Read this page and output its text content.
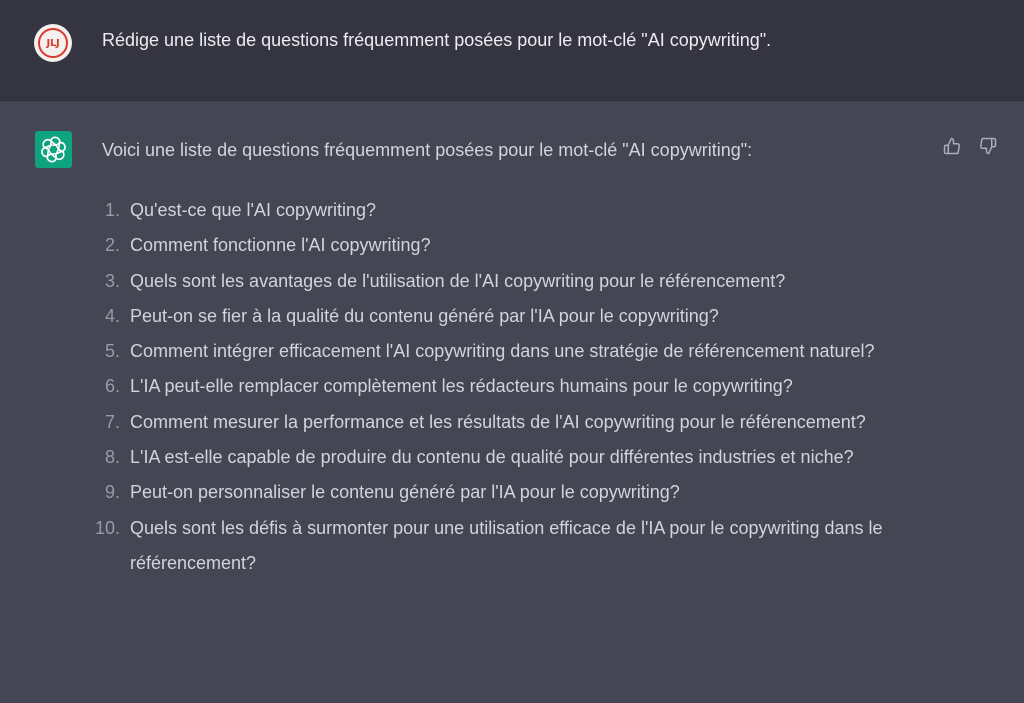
JLJ	Rédige une liste de questions fréquemment posées pour le mot-clé "AI copywriting".
Voici une liste de questions fréquemment posées pour le mot-clé "AI copywriting":
1. Qu'est-ce que l'AI copywriting?
2. Comment fonctionne l'AI copywriting?
3. Quels sont les avantages de l'utilisation de l'AI copywriting pour le référencement?
4. Peut-on se fier à la qualité du contenu généré par l'IA pour le copywriting?
5. Comment intégrer efficacement l'AI copywriting dans une stratégie de référencement naturel?
6. L'IA peut-elle remplacer complètement les rédacteurs humains pour le copywriting?
7. Comment mesurer la performance et les résultats de l'AI copywriting pour le référencement?
8. L'IA est-elle capable de produire du contenu de qualité pour différentes industries et niche?
9. Peut-on personnaliser le contenu généré par l'IA pour le copywriting?
10. Quels sont les défis à surmonter pour une utilisation efficace de l'IA pour le copywriting dans le référencement?
